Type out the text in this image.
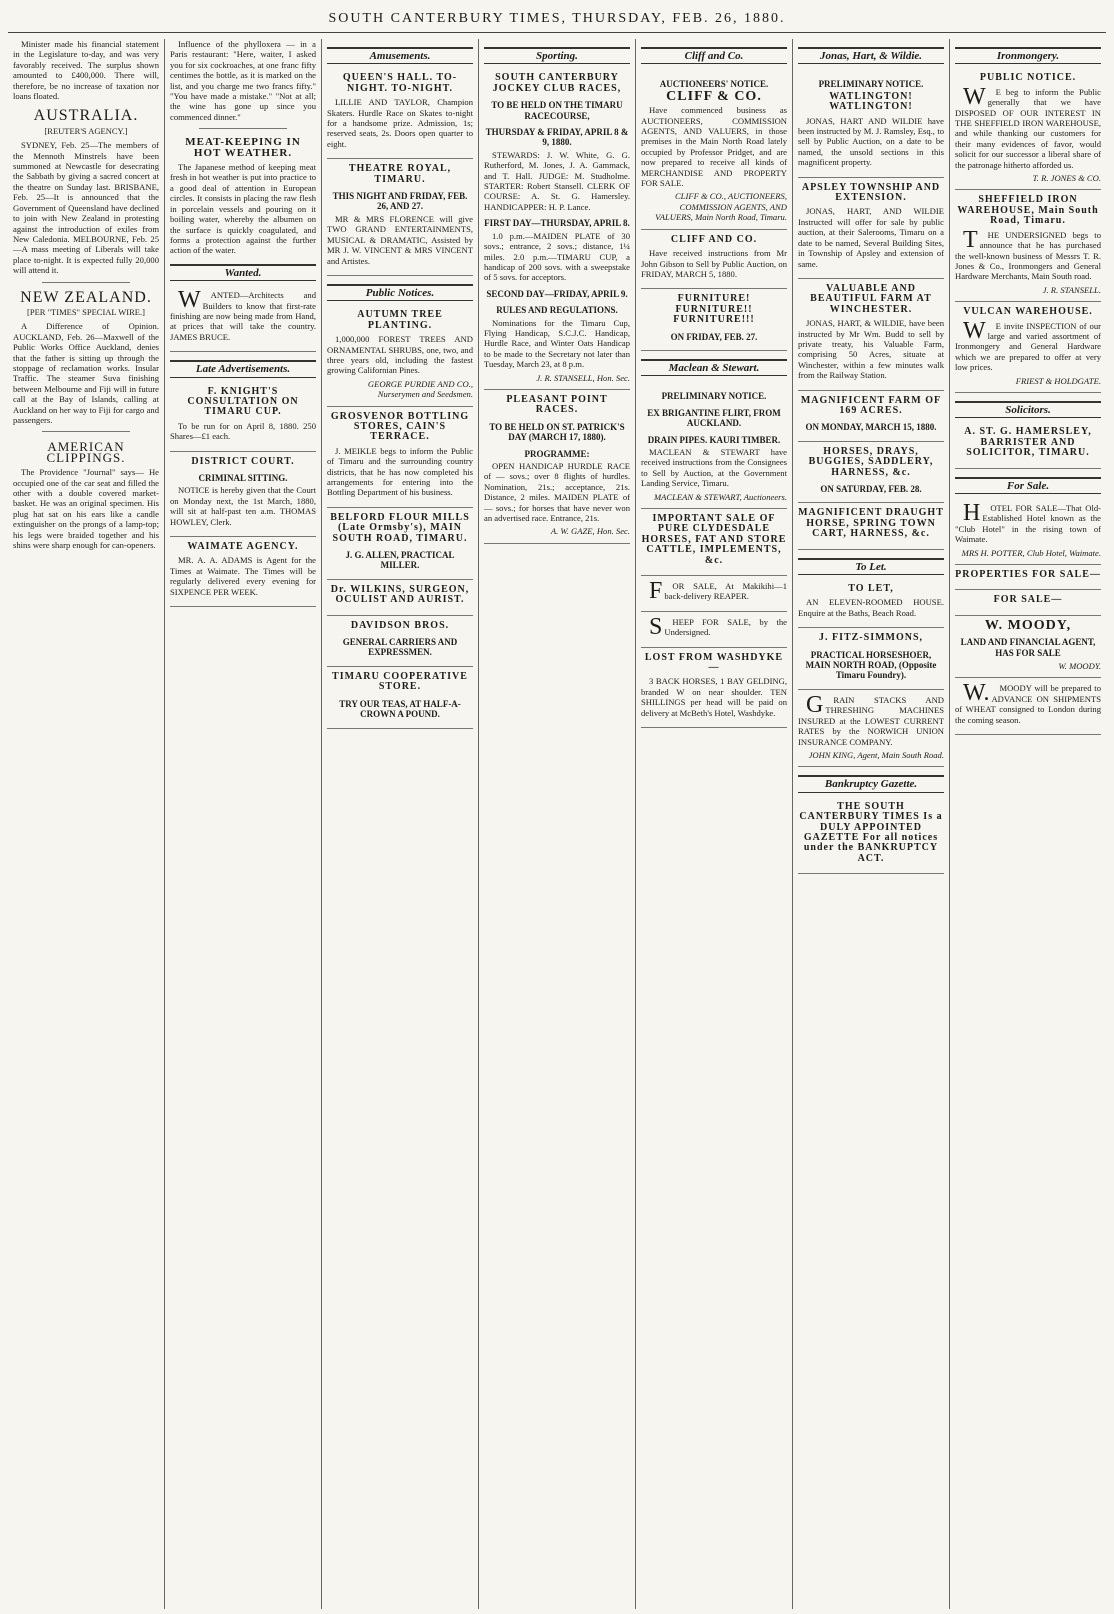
SOUTH CANTERBURY TIMES, THURSDAY, FEB. 26, 1880.

Minister made his financial statement in the Legislature to-day, and was very favorably received. The surplus shown amounted to £400,000. There will, therefore, be no increase of taxation nor loans floated.

AUSTRALIA.
[REUTER'S AGENCY.]

SYDNEY, Feb. 25—The members of the Mennoth Minstrels have been summoned at Newcastle for desecrating the Sabbath by giving a sacred concert at the theatre on Sunday last. BRISBANE, Feb. 25—It is announced that the Government of Queensland have declined to join with New Zealand in protesting against the introduction of exiles from New Caledonia. MELBOURNE, Feb. 25—A mass meeting of Liberals will take place to-night. It is expected fully 20,000 will attend it.

NEW ZEALAND.
[PER "TIMES" SPECIAL WIRE.]

A Difference of Opinion. AUCKLAND, Feb. 26—Maxwell of the Public Works Office Auckland, denies that the father is sitting up through the stoppage of reclamation works. Insular Traffic. The steamer Suva finishing between Melbourne and Fiji will in future call at the Bay of Islands, calling at Auckland on her way to Fiji for cargo and passengers.

AMERICAN CLIPPINGS.

The Providence "Journal" says— He occupied one of the car seat and filled the other with a double covered market-basket. He was an original specimen. His plug hat sat on his ears like a candle extinguisher on the prongs of a lamp-top; his legs were braided together and his shins were sharp enough for can-openers.

Influence of the phylloxera — in a Paris restaurant: "Here, waiter, I asked you for six cockroaches, at one franc fifty centimes the bottle, as it is marked on the list, and you charge me two francs fifty." "You have made a mistake." "Not at all; the wine has gone up since you commenced dinner."

MEAT-KEEPING IN HOT WEATHER.

The Japanese method of keeping meat fresh in hot weather is put into practice to a good deal of attention in European circles. It consists in placing the raw flesh in porcelain vessels and pouring on it boiling water, whereby the albumen on the surface is quickly coagulated, and forms a protection against the further action of the water.

Wanted.

WANTED—Architects and Builders to know that first-rate finishing are now being made from Hand, at prices that will take the country. JAMES BRUCE.

Late Advertisements.
F. KNIGHT'S CONSULTATION ON TIMARU CUP.

To be run for on April 8, 1880. 250 Shares—£1 each.

DISTRICT COURT.
CRIMINAL SITTING.

NOTICE is hereby given that the Court on Monday next, the 1st March, 1880, will sit at half-past ten a.m. THOMAS HOWLEY, Clerk.

WAIMATE AGENCY.

MR. A. A. ADAMS is Agent for the Times at Waimate. The Times will be regularly delivered every evening for SIXPENCE PER WEEK.

Amusements.
QUEEN'S HALL. TO-NIGHT. TO-NIGHT.

LILLIE AND TAYLOR, Champion Skaters. Hurdle Race on Skates to-night for a handsome prize. Admission, 1s; reserved seats, 2s. Doors open quarter to eight.

THEATRE ROYAL, TIMARU.
THIS NIGHT AND FRIDAY, FEB. 26, AND 27.

MR & MRS FLORENCE will give TWO GRAND ENTERTAINMENTS, MUSICAL & DRAMATIC, Assisted by MR J. W. VINCENT & MRS VINCENT and Artistes.

Public Notices.
AUTUMN TREE PLANTING.

1,000,000 FOREST TREES AND ORNAMENTAL SHRUBS, one, two, and three years old, including the fastest growing Californian Pines.

GEORGE PURDIE AND CO., Nurserymen and Seedsmen.
GROSVENOR BOTTLING STORES, CAIN'S TERRACE.

J. MEIKLE begs to inform the Public of Timaru and the surrounding country districts, that he has now completed his arrangements for entering into the Bottling Department of his business.

BELFORD FLOUR MILLS (Late Ormsby's), MAIN SOUTH ROAD, TIMARU.
J. G. ALLEN, PRACTICAL MILLER.
Dr. WILKINS, SURGEON, OCULIST AND AURIST.
DAVIDSON BROS.
GENERAL CARRIERS AND EXPRESSMEN.
TIMARU COOPERATIVE STORE.
TRY OUR TEAS, AT HALF-A-CROWN A POUND.
Sporting.
SOUTH CANTERBURY JOCKEY CLUB RACES,
TO BE HELD ON THE TIMARU RACECOURSE,
THURSDAY & FRIDAY, APRIL 8 & 9, 1880.

STEWARDS: J. W. White, G. G. Rutherford, M. Jones, J. A. Gammack, and T. Hall. JUDGE: M. Studholme. STARTER: Robert Stansell. CLERK OF COURSE: A. St. G. Hamersley. HANDICAPPER: H. P. Lance.

FIRST DAY—THURSDAY, APRIL 8.

1.0 p.m.—MAIDEN PLATE of 30 sovs.; entrance, 2 sovs.; distance, 1¼ miles. 2.0 p.m.—TIMARU CUP, a handicap of 200 sovs. with a sweepstake of 5 sovs. for acceptors.

SECOND DAY—FRIDAY, APRIL 9.
RULES AND REGULATIONS.

Nominations for the Timaru Cup, Flying Handicap, S.C.J.C. Handicap, Hurdle Race, and Winter Oats Handicap to be made to the Secretary not later than Tuesday, March 23, at 8 p.m.

J. R. STANSELL, Hon. Sec.
PLEASANT POINT RACES.
TO BE HELD ON ST. PATRICK'S DAY (MARCH 17, 1880).
PROGRAMME:

OPEN HANDICAP HURDLE RACE of — sovs.; over 8 flights of hurdles. Nomination, 21s.; acceptance, 21s. Distance, 2 miles. MAIDEN PLATE of — sovs.; for horses that have never won an advertised race. Entrance, 21s.

A. W. GAZE, Hon. Sec.
Cliff and Co.
AUCTIONEERS' NOTICE.
CLIFF & CO.

Have commenced business as AUCTIONEERS, COMMISSION AGENTS, AND VALUERS, in those premises in the Main North Road lately occupied by Professor Pridget, and are now prepared to receive all kinds of MERCHANDISE AND PROPERTY FOR SALE.

CLIFF & CO., AUCTIONEERS, COMMISSION AGENTS, AND VALUERS, Main North Road, Timaru.
CLIFF AND CO.

Have received instructions from Mr John Gibson to Sell by Public Auction, on FRIDAY, MARCH 5, 1880.

FURNITURE! FURNITURE!! FURNITURE!!!
ON FRIDAY, FEB. 27.
Maclean & Stewart.
PRELIMINARY NOTICE.
EX BRIGANTINE FLIRT, FROM AUCKLAND.
DRAIN PIPES. KAURI TIMBER.

MACLEAN & STEWART have received instructions from the Consignees to Sell by Auction, at the Government Landing Service, Timaru.

MACLEAN & STEWART, Auctioneers.
IMPORTANT SALE OF PURE CLYDESDALE HORSES, FAT AND STORE CATTLE, IMPLEMENTS, &c.

FOR SALE, At Makikihi—1 back-delivery REAPER.

SHEEP FOR SALE, by the Undersigned.

LOST FROM WASHDYKE—

3 BACK HORSES, 1 BAY GELDING, branded W on near shoulder. TEN SHILLINGS per head will be paid on delivery at McBeth's Hotel, Washdyke.

Jonas, Hart, & Wildie.
PRELIMINARY NOTICE.
WATLINGTON! WATLINGTON!

JONAS, HART AND WILDIE have been instructed by M. J. Ramsley, Esq., to sell by Public Auction, on a date to be named, the unsold sections in this magnificent property.

APSLEY TOWNSHIP AND EXTENSION.

JONAS, HART, AND WILDIE Instructed will offer for sale by public auction, at their Salerooms, Timaru on a date to be named, Several Building Sites, in Township of Apsley and extension of same.

VALUABLE AND BEAUTIFUL FARM AT WINCHESTER.

JONAS, HART, & WILDIE, have been instructed by Mr Wm. Budd to sell by private treaty, his Valuable Farm, comprising 50 Acres, situate at Winchester, within a few minutes walk from the Railway Station.

MAGNIFICENT FARM OF 169 ACRES.
ON MONDAY, MARCH 15, 1880.
HORSES, DRAYS, BUGGIES, SADDLERY, HARNESS, &c.
ON SATURDAY, FEB. 28.
MAGNIFICENT DRAUGHT HORSE, SPRING TOWN CART, HARNESS, &c.
To Let.
TO LET,

AN ELEVEN-ROOMED HOUSE. Enquire at the Baths, Beach Road.

J. FITZ-SIMMONS,
PRACTICAL HORSESHOER, MAIN NORTH ROAD, (Opposite Timaru Foundry).

GRAIN STACKS AND THRESHING MACHINES INSURED at the LOWEST CURRENT RATES by the NORWICH UNION INSURANCE COMPANY.

JOHN KING, Agent, Main South Road.
Bankruptcy Gazette.
THE SOUTH CANTERBURY TIMES Is a DULY APPOINTED GAZETTE For all notices under the BANKRUPTCY ACT.
Ironmongery.
PUBLIC NOTICE.

WE beg to inform the Public generally that we have DISPOSED OF OUR INTEREST IN THE SHEFFIELD IRON WAREHOUSE, and while thanking our customers for their many evidences of favor, would solicit for our successor a liberal share of the patronage hitherto afforded us.

T. R. JONES & CO.
SHEFFIELD IRON WAREHOUSE, Main South Road, Timaru.

THE UNDERSIGNED begs to announce that he has purchased the well-known business of Messrs T. R. Jones & Co., Ironmongers and General Hardware Merchants, Main South road.

J. R. STANSELL.
VULCAN WAREHOUSE.

WE invite INSPECTION of our large and varied assortment of Ironmongery and General Hardware which we are prepared to offer at very low prices.

FRIEST & HOLDGATE.
Solicitors.
A. ST. G. HAMERSLEY, BARRISTER AND SOLICITOR, TIMARU.
For Sale.

HOTEL FOR SALE—That Old-Established Hotel known as the "Club Hotel" in the rising town of Waimate.

MRS H. POTTER, Club Hotel, Waimate.
PROPERTIES FOR SALE—
FOR SALE—
W. MOODY,
LAND AND FINANCIAL AGENT, HAS FOR SALE
W. MOODY.

W.MOODY will be prepared to ADVANCE ON SHIPMENTS of WHEAT consigned to London during the coming season.
